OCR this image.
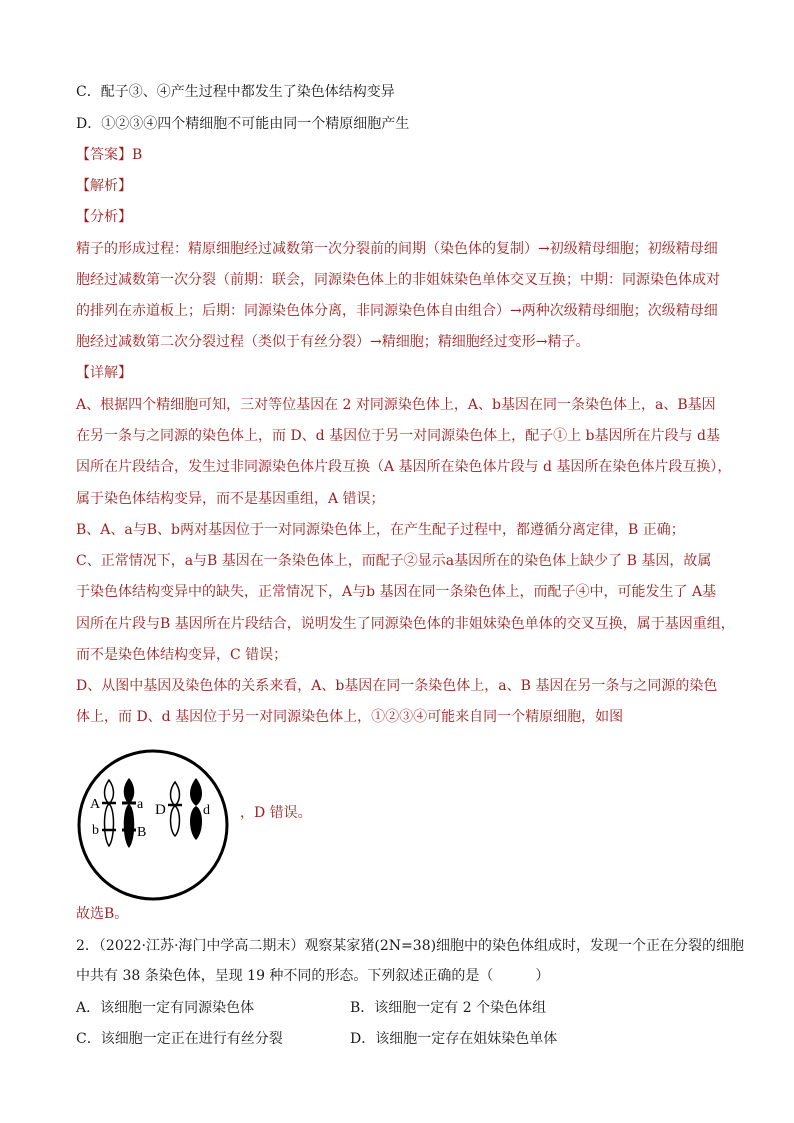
C．配子③、④产生过程中都发生了染色体结构变异
D．①②③④四个精细胞不可能由同一个精原细胞产生
【答案】B
【解析】
【分析】
精子的形成过程：精原细胞经过减数第一次分裂前的间期（染色体的复制）→初级精母细胞；初级精母细
胞经过减数第一次分裂（前期：联会，同源染色体上的非姐妹染色单体交叉互换；中期：同源染色体成对
的排列在赤道板上；后期：同源染色体分离，非同源染色体自由组合）→两种次级精母细胞；次级精母细
胞经过减数第二次分裂过程（类似于有丝分裂）→精细胞；精细胞经过变形→精子。
【详解】
A、根据四个精细胞可知，三对等位基因在 2 对同源染色体上，A、b基因在同一条染色体上，a、B基因
在另一条与之同源的染色体上，而 D、d 基因位于另一对同源染色体上，配子①上 b基因所在片段与 d基
因所在片段结合，发生过非同源染色体片段互换（A 基因所在染色体片段与 d 基因所在染色体片段互换），
属于染色体结构变异，而不是基因重组，A 错误；
B、A、a与B、b两对基因位于一对同源染色体上，在产生配子过程中，都遵循分离定律，B 正确；
C、正常情况下，a与B 基因在一条染色体上，而配子②显示a基因所在的染色体上缺少了 B 基因，故属
于染色体结构变异中的缺失，正常情况下，A与b 基因在同一条染色体上，而配子④中，可能发生了 A基
因所在片段与B 基因所在片段结合，说明发生了同源染色体的非姐妹染色单体的交叉互换，属于基因重组，
而不是染色体结构变异，C 错误；
D、从图中基因及染色体的关系来看，A、b基因在同一条染色体上，a、B 基因在另一条与之同源的染色
体上，而 D、d 基因位于另一对同源染色体上，①②③④可能来自同一个精原细胞，如图
A	a
b	B
D	d ，D 错误。
故选B。
2．（2022·江苏·海门中学高二期末）观察某家猪(2N=38)细胞中的染色体组成时，发现一个正在分裂的细胞
中共有 38 条染色体，呈现 19 种不同的形态。下列叙述正确的是（　　　）
A．该细胞一定有同源染色体	B．该细胞一定有 2 个染色体组
C．该细胞一定正在进行有丝分裂	D．该细胞一定存在姐妹染色单体
